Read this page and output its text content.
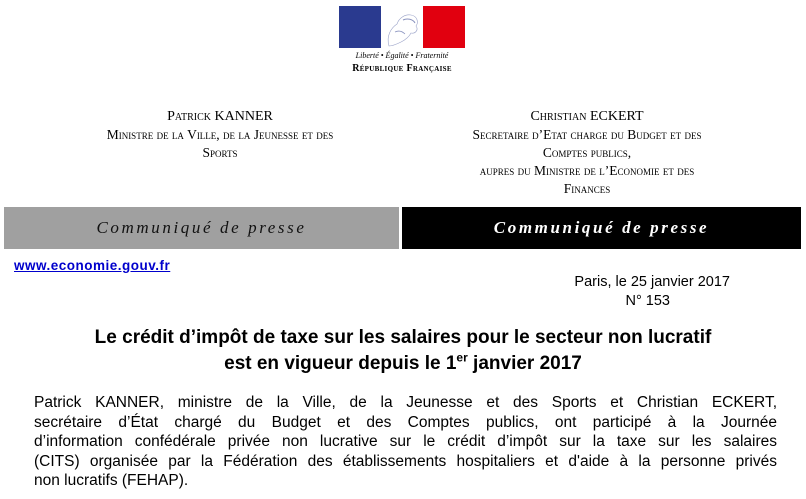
Liberté • Égalité • Fraternité
République Française
Patrick KANNER
Ministre de la Ville, de la Jeunesse et des
Sports
Christian ECKERT
Secretaire d’Etat charge du Budget et des
Comptes publics,
aupres du Ministre de l’Economie et des
Finances
Communiqué de presse	Communiqué de presse
www.economie.gouv.fr
Paris, le 25 janvier 2017
N° 153
Le crédit d’impôt de taxe sur les salaires pour le secteur non lucratif
est en vigueur depuis le 1er janvier 2017
Patrick KANNER, ministre de la Ville, de la Jeunesse et des Sports et Christian ECKERT,
secrétaire d’État chargé du Budget et des Comptes publics, ont participé à la Journée
d’information confédérale privée non lucrative sur le crédit d’impôt sur la taxe sur les salaires
(CITS) organisée par la Fédération des établissements hospitaliers et d'aide à la personne privés
non lucratifs (FEHAP).
